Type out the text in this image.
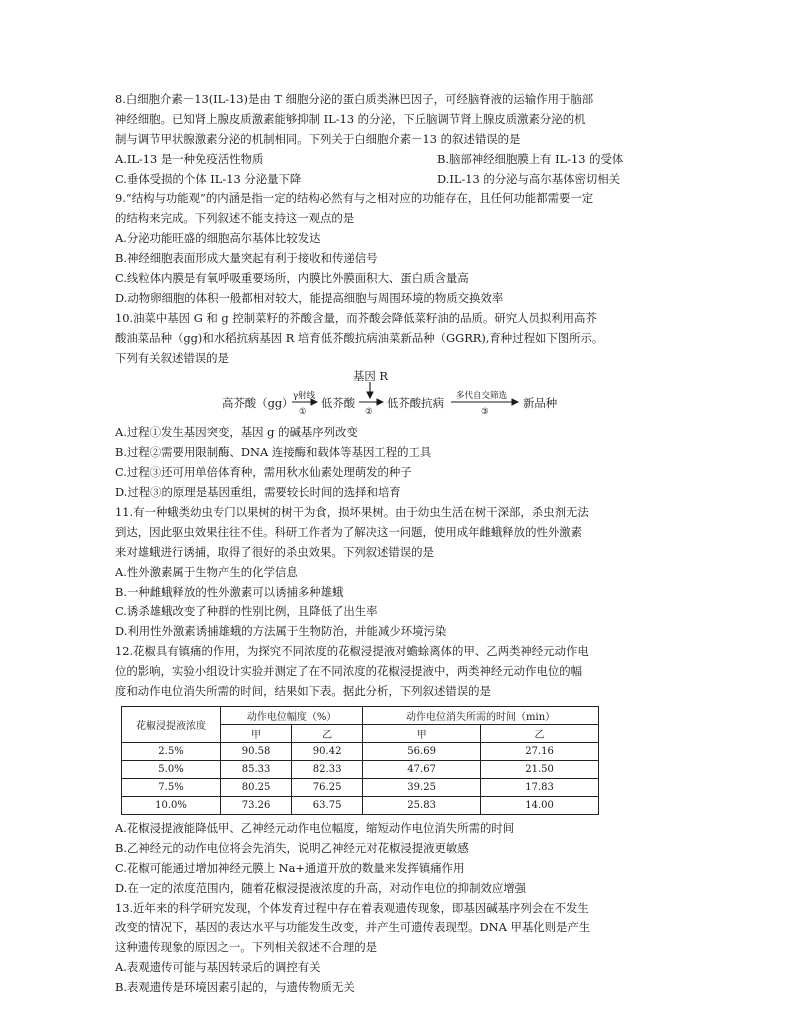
8.白细胞介素－13(IL-13)是由 T 细胞分泌的蛋白质类淋巴因子，可经脑脊液的运输作用于脑部
神经细胞。已知肾上腺皮质激素能够抑制 IL-13 的分泌，下丘脑调节肾上腺皮质激素分泌的机
制与调节甲状腺激素分泌的机制相同。下列关于白细胞介素－13 的叙述错误的是
A.IL-13 是一种免疫活性物质	B.脑部神经细胞膜上有 IL-13 的受体
C.垂体受损的个体 IL-13 分泌量下降	D.IL-13 的分泌与高尔基体密切相关
9.“结构与功能观”的内涵是指一定的结构必然有与之相对应的功能存在，且任何功能都需要一定
的结构来完成。下列叙述不能支持这一观点的是
A.分泌功能旺盛的细胞高尔基体比较发达
B.神经细胞表面形成大量突起有利于接收和传递信号
C.线粒体内膜是有氧呼吸重要场所，内膜比外膜面积大、蛋白质含量高
D.动物卵细胞的体积一般都相对较大，能提高细胞与周围环境的物质交换效率
10.油菜中基因 G 和 g 控制菜籽的芥酸含量，而芥酸会降低菜籽油的品质。研究人员拟利用高芥
酸油菜品种（gg)和水稻抗病基因 R 培育低芥酸抗病油菜新品种（GGRR),育种过程如下图所示。
下列有关叙述错误的是
高芥酸（gg） γ射线
①
低芥酸
基因 R
②
低芥酸抗病 多代自交筛选
③
新品种
A.过程①发生基因突变，基因 g 的碱基序列改变
B.过程②需要用限制酶、DNA 连接酶和载体等基因工程的工具
C.过程③还可用单倍体育种，需用秋水仙素处理萌发的种子
D.过程③的原理是基因重组，需要较长时间的选择和培育
11.有一种蛾类幼虫专门以果树的树干为食，损坏果树。由于幼虫生活在树干深部，杀虫剂无法
到达，因此驱虫效果往往不佳。科研工作者为了解决这一问题，使用成年雌蛾释放的性外激素
来对雄蛾进行诱捕，取得了很好的杀虫效果。下列叙述错误的是
A.性外激素属于生物产生的化学信息
B.一种雌蛾释放的性外激素可以诱捕多种雄蛾
C.诱杀雄蛾改变了种群的性别比例，且降低了出生率
D.利用性外激素诱捕雄蛾的方法属于生物防治，并能减少环境污染
12.花椒具有镇痛的作用，为探究不同浓度的花椒浸提液对蟾蜍离体的甲、乙两类神经元动作电
位的影响，实验小组设计实验并测定了在不同浓度的花椒浸提液中，两类神经元动作电位的幅
度和动作电位消失所需的时间，结果如下表。据此分析，下列叙述错误的是
花椒浸提液浓度	动作电位幅度（%）		动作电位消失所需的时间（min）	
	甲	乙	甲	乙
2.5%	90.58	90.42	56.69	27.16
5.0%	85.33	82.33	47.67	21.50
7.5%	80.25	76.25	39.25	17.83
10.0%	73.26	63.75	25.83	14.00
A.花椒浸提液能降低甲、乙神经元动作电位幅度，缩短动作电位消失所需的时间
B.乙神经元的动作电位将会先消失，说明乙神经元对花椒浸提液更敏感
C.花椒可能通过增加神经元膜上 Na+通道开放的数量来发挥镇痛作用
D.在一定的浓度范围内，随着花椒浸提液浓度的升高，对动作电位的抑制效应增强
13.近年来的科学研究发现，个体发育过程中存在着表观遗传现象，即基因碱基序列会在不发生
改变的情况下，基因的表达水平与功能发生改变，并产生可遗传表现型。DNA 甲基化则是产生
这种遗传现象的原因之一。下列相关叙述不合理的是
A.表观遗传可能与基因转录后的调控有关
B.表观遗传是环境因素引起的，与遗传物质无关
